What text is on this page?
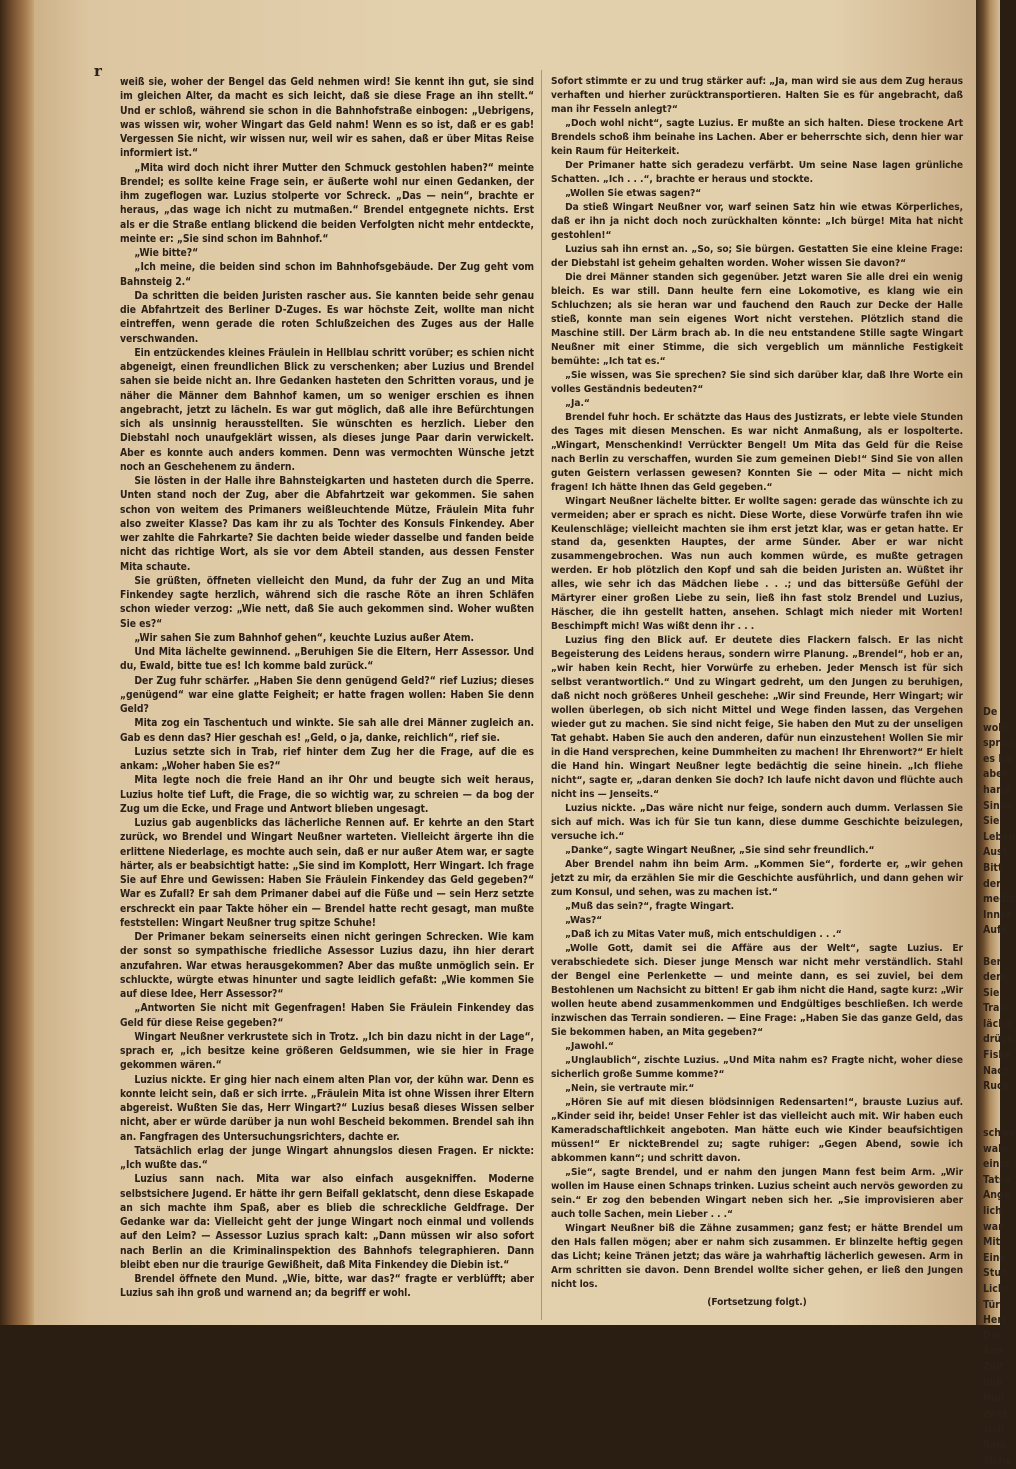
r

weiß sie, woher der Bengel das Geld nehmen wird! Sie kennt ihn gut, sie sind im gleichen Alter, da macht es sich leicht, daß sie diese Frage an ihn stellt.“ Und er schloß, während sie schon in die Bahnhofstraße einbogen: „Uebrigens, was wissen wir, woher Wingart das Geld nahm! Wenn es so ist, daß er es gab! Vergessen Sie nicht, wir wissen nur, weil wir es sahen, daß er über Mitas Reise informiert ist.“

„Mita wird doch nicht ihrer Mutter den Schmuck gestohlen haben?“ meinte Brendel; es sollte keine Frage sein, er äußerte wohl nur einen Gedanken, der ihm zugeflogen war. Luzius stolperte vor Schreck. „Das — nein“, brachte er heraus, „das wage ich nicht zu mutmaßen.“ Brendel entgegnete nichts. Erst als er die Straße entlang blickend die beiden Verfolgten nicht mehr entdeckte, meinte er: „Sie sind schon im Bahnhof.“

„Wie bitte?“

„Ich meine, die beiden sind schon im Bahnhofsgebäude. Der Zug geht vom Bahnsteig 2.“

Da schritten die beiden Juristen rascher aus. Sie kannten beide sehr genau die Abfahrtzeit des Berliner D-Zuges. Es war höchste Zeit, wollte man nicht eintreffen, wenn gerade die roten Schlußzeichen des Zuges aus der Halle verschwanden.

Ein entzückendes kleines Fräulein in Hellblau schritt vorüber; es schien nicht abgeneigt, einen freundlichen Blick zu verschenken; aber Luzius und Brendel sahen sie beide nicht an. Ihre Gedanken hasteten den Schritten voraus, und je näher die Männer dem Bahnhof kamen, um so weniger erschien es ihnen angebracht, jetzt zu lächeln. Es war gut möglich, daß alle ihre Befürchtungen sich als unsinnig herausstellten. Sie wünschten es herzlich. Lieber den Diebstahl noch unaufgeklärt wissen, als dieses junge Paar darin verwickelt. Aber es konnte auch anders kommen. Denn was vermochten Wünsche jetzt noch an Geschehenem zu ändern.

Sie lösten in der Halle ihre Bahnsteigkarten und hasteten durch die Sperre. Unten stand noch der Zug, aber die Abfahrtzeit war gekommen. Sie sahen schon von weitem des Primaners weißleuchtende Mütze, Fräulein Mita fuhr also zweiter Klasse? Das kam ihr zu als Tochter des Konsuls Finkendey. Aber wer zahlte die Fahrkarte? Sie dachten beide wieder dasselbe und fanden beide nicht das richtige Wort, als sie vor dem Abteil standen, aus dessen Fenster Mita schaute.

Sie grüßten, öffneten vielleicht den Mund, da fuhr der Zug an und Mita Finkendey sagte herzlich, während sich die rasche Röte an ihren Schläfen schon wieder verzog: „Wie nett, daß Sie auch gekommen sind. Woher wußten Sie es?“

„Wir sahen Sie zum Bahnhof gehen“, keuchte Luzius außer Atem.

Und Mita lächelte gewinnend. „Beruhigen Sie die Eltern, Herr Assessor. Und du, Ewald, bitte tue es! Ich komme bald zurück.“

Der Zug fuhr schärfer. „Haben Sie denn genügend Geld?“ rief Luzius; dieses „genügend“ war eine glatte Feigheit; er hatte fragen wollen: Haben Sie denn Geld?

Mita zog ein Taschentuch und winkte. Sie sah alle drei Männer zugleich an. Gab es denn das? Hier geschah es! „Geld, o ja, danke, reichlich“, rief sie.

Luzius setzte sich in Trab, rief hinter dem Zug her die Frage, auf die es ankam: „Woher haben Sie es?“

Mita legte noch die freie Hand an ihr Ohr und beugte sich weit heraus, Luzius holte tief Luft, die Frage, die so wichtig war, zu schreien — da bog der Zug um die Ecke, und Frage und Antwort blieben ungesagt.

Luzius gab augenblicks das lächerliche Rennen auf. Er kehrte an den Start zurück, wo Brendel und Wingart Neußner warteten. Vielleicht ärgerte ihn die erlittene Niederlage, es mochte auch sein, daß er nur außer Atem war, er sagte härter, als er beabsichtigt hatte: „Sie sind im Komplott, Herr Wingart. Ich frage Sie auf Ehre und Gewissen: Haben Sie Fräulein Finkendey das Geld gegeben?“ War es Zufall? Er sah dem Primaner dabei auf die Füße und — sein Herz setzte erschreckt ein paar Takte höher ein — Brendel hatte recht gesagt, man mußte feststellen: Wingart Neußner trug spitze Schuhe!

Der Primaner bekam seinerseits einen nicht geringen Schrecken. Wie kam der sonst so sympathische friedliche Assessor Luzius dazu, ihn hier derart anzufahren. War etwas herausgekommen? Aber das mußte unmöglich sein. Er schluckte, würgte etwas hinunter und sagte leidlich gefaßt: „Wie kommen Sie auf diese Idee, Herr Assessor?“

„Antworten Sie nicht mit Gegenfragen! Haben Sie Fräulein Finkendey das Geld für diese Reise gegeben?“

Wingart Neußner verkrustete sich in Trotz. „Ich bin dazu nicht in der Lage“, sprach er, „ich besitze keine größeren Geldsummen, wie sie hier in Frage gekommen wären.“

Luzius nickte. Er ging hier nach einem alten Plan vor, der kühn war. Denn es konnte leicht sein, daß er sich irrte. „Fräulein Mita ist ohne Wissen ihrer Eltern abgereist. Wußten Sie das, Herr Wingart?“ Luzius besaß dieses Wissen selber nicht, aber er würde darüber ja nun wohl Bescheid bekommen. Brendel sah ihn an. Fangfragen des Untersuchungsrichters, dachte er.

Tatsächlich erlag der junge Wingart ahnungslos diesen Fragen. Er nickte: „Ich wußte das.“

Luzius sann nach. Mita war also einfach ausgekniffen. Moderne selbstsichere Jugend. Er hätte ihr gern Beifall geklatscht, denn diese Eskapade an sich machte ihm Spaß, aber es blieb die schreckliche Geldfrage. Der Gedanke war da: Vielleicht geht der junge Wingart noch einmal und vollends auf den Leim? — Assessor Luzius sprach kalt: „Dann müssen wir also sofort nach Berlin an die Kriminalinspektion des Bahnhofs telegraphieren. Dann bleibt eben nur die traurige Gewißheit, daß Mita Finkendey die Diebin ist.“

Brendel öffnete den Mund. „Wie, bitte, war das?“ fragte er verblüfft; aber Luzius sah ihn groß und warnend an; da begriff er wohl.

Sofort stimmte er zu und trug stärker auf: „Ja, man wird sie aus dem Zug heraus verhaften und hierher zurücktransportieren. Halten Sie es für angebracht, daß man ihr Fesseln anlegt?“

„Doch wohl nicht“, sagte Luzius. Er mußte an sich halten. Diese trockene Art Brendels schoß ihm beinahe ins Lachen. Aber er beherrschte sich, denn hier war kein Raum für Heiterkeit.

Der Primaner hatte sich geradezu verfärbt. Um seine Nase lagen grünliche Schatten. „Ich . . .“, brachte er heraus und stockte.

„Wollen Sie etwas sagen?“

Da stieß Wingart Neußner vor, warf seinen Satz hin wie etwas Körperliches, daß er ihn ja nicht doch noch zurückhalten könnte: „Ich bürge! Mita hat nicht gestohlen!“

Luzius sah ihn ernst an. „So, so; Sie bürgen. Gestatten Sie eine kleine Frage: der Diebstahl ist geheim gehalten worden. Woher wissen Sie davon?“

Die drei Männer standen sich gegenüber. Jetzt waren Sie alle drei ein wenig bleich. Es war still. Dann heulte fern eine Lokomotive, es klang wie ein Schluchzen; als sie heran war und fauchend den Rauch zur Decke der Halle stieß, konnte man sein eigenes Wort nicht verstehen. Plötzlich stand die Maschine still. Der Lärm brach ab. In die neu entstandene Stille sagte Wingart Neußner mit einer Stimme, die sich vergeblich um männliche Festigkeit bemühte: „Ich tat es.“

„Sie wissen, was Sie sprechen? Sie sind sich darüber klar, daß Ihre Worte ein volles Geständnis bedeuten?“

„Ja.“

Brendel fuhr hoch. Er schätzte das Haus des Justizrats, er lebte viele Stunden des Tages mit diesen Menschen. Es war nicht Anmaßung, als er lospolterte. „Wingart, Menschenkind! Verrückter Bengel! Um Mita das Geld für die Reise nach Berlin zu verschaffen, wurden Sie zum gemeinen Dieb!“ Sind Sie von allen guten Geistern verlassen gewesen? Konnten Sie — oder Mita — nicht mich fragen! Ich hätte Ihnen das Geld gegeben.“

Wingart Neußner lächelte bitter. Er wollte sagen: gerade das wünschte ich zu vermeiden; aber er sprach es nicht. Diese Worte, diese Vorwürfe trafen ihn wie Keulenschläge; vielleicht machten sie ihm erst jetzt klar, was er getan hatte. Er stand da, gesenkten Hauptes, der arme Sünder. Aber er war nicht zusammengebrochen. Was nun auch kommen würde, es mußte getragen werden. Er hob plötzlich den Kopf und sah die beiden Juristen an. Wüßtet ihr alles, wie sehr ich das Mädchen liebe . . .; und das bittersüße Gefühl der Märtyrer einer großen Liebe zu sein, ließ ihn fast stolz Brendel und Luzius, Häscher, die ihn gestellt hatten, ansehen. Schlagt mich nieder mit Worten! Beschimpft mich! Was wißt denn ihr . . .

Luzius fing den Blick auf. Er deutete dies Flackern falsch. Er las nicht Begeisterung des Leidens heraus, sondern wirre Planung. „Brendel“, hob er an, „wir haben kein Recht, hier Vorwürfe zu erheben. Jeder Mensch ist für sich selbst verantwortlich.“ Und zu Wingart gedreht, um den Jungen zu beruhigen, daß nicht noch größeres Unheil geschehe: „Wir sind Freunde, Herr Wingart; wir wollen überlegen, ob sich nicht Mittel und Wege finden lassen, das Vergehen wieder gut zu machen. Sie sind nicht feige, Sie haben den Mut zu der unseligen Tat gehabt. Haben Sie auch den anderen, dafür nun einzustehen! Wollen Sie mir in die Hand versprechen, keine Dummheiten zu machen! Ihr Ehrenwort?“ Er hielt die Hand hin. Wingart Neußner legte bedächtig die seine hinein. „Ich fliehe nicht“, sagte er, „daran denken Sie doch? Ich laufe nicht davon und flüchte auch nicht ins — Jenseits.“

Luzius nickte. „Das wäre nicht nur feige, sondern auch dumm. Verlassen Sie sich auf mich. Was ich für Sie tun kann, diese dumme Geschichte beizulegen, versuche ich.“

„Danke“, sagte Wingart Neußner, „Sie sind sehr freundlich.“

Aber Brendel nahm ihn beim Arm. „Kommen Sie“, forderte er, „wir gehen jetzt zu mir, da erzählen Sie mir die Geschichte ausführlich, und dann gehen wir zum Konsul, und sehen, was zu machen ist.“

„Muß das sein?“, fragte Wingart.

„Was?“

„Daß ich zu Mitas Vater muß, mich entschuldigen . . .“

„Wolle Gott, damit sei die Affäre aus der Welt“, sagte Luzius. Er verabschiedete sich. Dieser junge Mensch war nicht mehr verständlich. Stahl der Bengel eine Perlenkette — und meinte dann, es sei zuviel, bei dem Bestohlenen um Nachsicht zu bitten! Er gab ihm nicht die Hand, sagte kurz: „Wir wollen heute abend zusammenkommen und Endgültiges beschließen. Ich werde inzwischen das Terrain sondieren. — Eine Frage: „Haben Sie das ganze Geld, das Sie bekommen haben, an Mita gegeben?“

„Jawohl.“

„Unglaublich“, zischte Luzius. „Und Mita nahm es? Fragte nicht, woher diese sicherlich große Summe komme?“

„Nein, sie vertraute mir.“

„Hören Sie auf mit diesen blödsinnigen Redensarten!“, brauste Luzius auf. „Kinder seid ihr, beide! Unser Fehler ist das vielleicht auch mit. Wir haben euch Kameradschaftlichkeit angeboten. Man hätte euch wie Kinder beaufsichtigen müssen!“ Er nickteBrendel zu; sagte ruhiger: „Gegen Abend, sowie ich abkommen kann“; und schritt davon.

„Sie“, sagte Brendel, und er nahm den jungen Mann fest beim Arm. „Wir wollen im Hause einen Schnaps trinken. Luzius scheint auch nervös geworden zu sein.“ Er zog den bebenden Wingart neben sich her. „Sie improvisieren aber auch tolle Sachen, mein Lieber . . .“

Wingart Neußner biß die Zähne zusammen; ganz fest; er hätte Brendel um den Hals fallen mögen; aber er nahm sich zusammen. Er blinzelte heftig gegen das Licht; keine Tränen jetzt; das wäre ja wahrhaftig lächerlich gewesen. Arm in Arm schritten sie davon. Denn Brendel wollte sicher gehen, er ließ den Jungen nicht los.

(Fortsetzung folgt.)

De
wollt
sprich
es ha
aber
hand
Sinne
Sie
Leben
Ausf
Bitt
der
mediz
Inner
Aufe
Ber
dem,
Sie
Tram
läche
drück
Fiske
Nach
Ruck
schwe
wahr
einig
Tatsa
Ange
lich
war
Mit
Eine
Stun
Lichf
Tür
Herr
Die
Ane
Zeit
bliß
Hun
zwei
sich
Reis
Siche
